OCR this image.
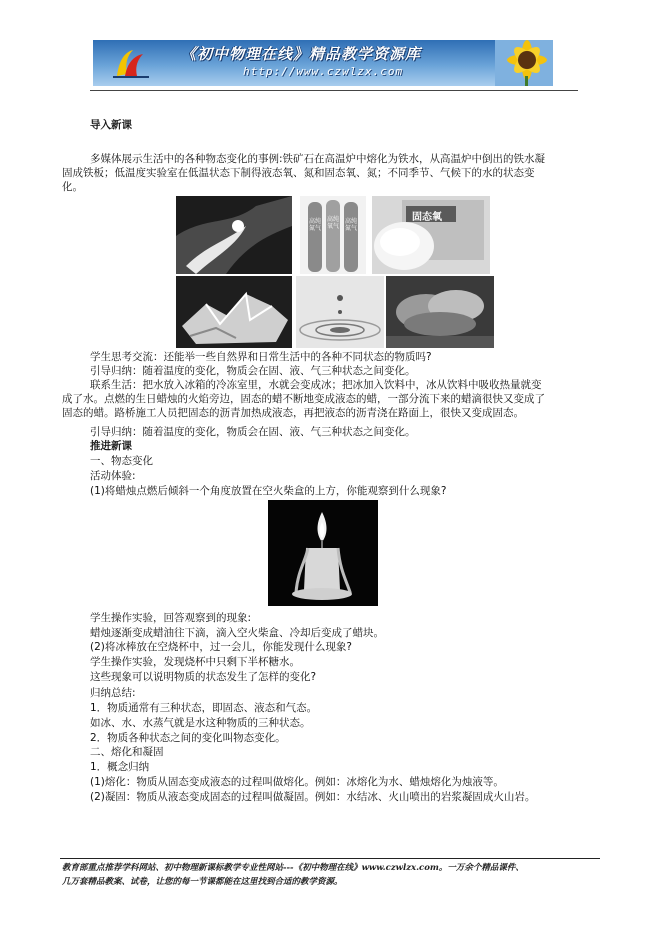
《初中物理在线》精品教学资源库
http://www.czwlzx.com
导入新课
多媒体展示生活中的各种物态变化的事例:铁矿石在高温炉中熔化为铁水，从高温炉中倒出的铁水凝固成铁板；低温度实验室在低温状态下制得液态氧、氮和固态氧、氮；不同季节、气候下的水的状态变化。
高纯氮气
高纯氧气
高纯氮气
固态氧
学生思考交流：还能举一些自然界和日常生活中的各种不同状态的物质吗?
引导归纳：随着温度的变化，物质会在固、液、气三种状态之间变化。
联系生活：把水放入冰箱的冷冻室里，水就会变成冰；把冰加入饮料中，冰从饮料中吸收热量就变成了水。点燃的生日蜡烛的火焰旁边，固态的蜡不断地变成液态的蜡，一部分流下来的蜡滴很快又变成了固态的蜡。路桥施工人员把固态的沥青加热成液态，再把液态的沥青浇在路面上，很快又变成固态。
引导归纳：随着温度的变化，物质会在固、液、气三种状态之间变化。
推进新课
一、物态变化
活动体验:
(1)将蜡烛点燃后倾斜一个角度放置在空火柴盒的上方，你能观察到什么现象?
学生操作实验，回答观察到的现象:
蜡烛逐渐变成蜡油往下滴，滴入空火柴盒、冷却后变成了蜡块。
(2)将冰棒放在空烧杯中，过一会儿，你能发现什么现象?
学生操作实验，发现烧杯中只剩下半杯糖水。
这些现象可以说明物质的状态发生了怎样的变化?
归纳总结:
1．物质通常有三种状态，即固态、液态和气态。
如冰、水、水蒸气就是水这种物质的三种状态。
2．物质各种状态之间的变化叫物态变化。
二、熔化和凝固
1．概念归纳
(1)熔化：物质从固态变成液态的过程叫做熔化。例如：冰熔化为水、蜡烛熔化为烛液等。
(2)凝固：物质从液态变成固态的过程叫做凝固。例如：水结冰、火山喷出的岩浆凝固成火山岩。
教育部重点推荐学科网站、初中物理新课标教学专业性网站---《初中物理在线》www.czwlzx.com。一万余个精品课件、
几万套精品教案、试卷，让您的每一节课都能在这里找到合适的教学资源。
